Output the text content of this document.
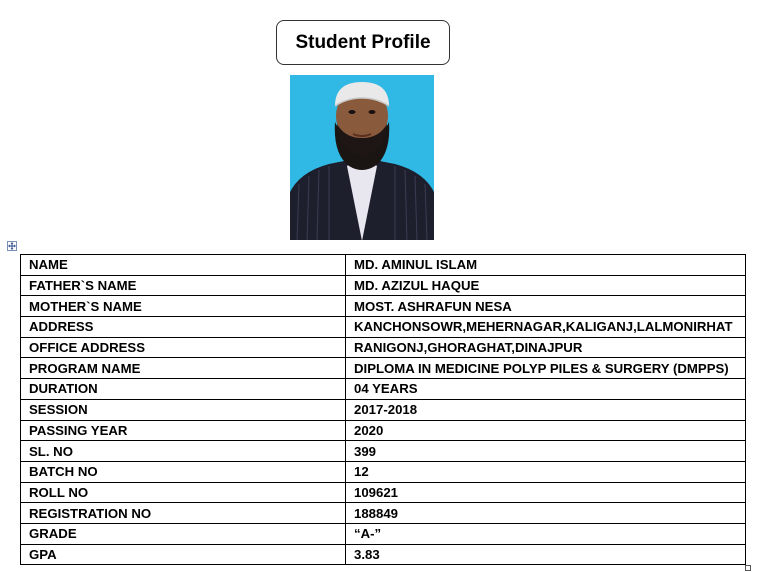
Student Profile
NAME	MD. AMINUL ISLAM
FATHER`S NAME	MD. AZIZUL HAQUE
MOTHER`S NAME	MOST. ASHRAFUN NESA
ADDRESS	KANCHONSOWR,MEHERNAGAR,KALIGANJ,LALMONIRHAT
OFFICE ADDRESS	RANIGONJ,GHORAGHAT,DINAJPUR
PROGRAM NAME	DIPLOMA IN MEDICINE POLYP PILES & SURGERY (DMPPS)
DURATION	04 YEARS
SESSION	2017-2018
PASSING YEAR	2020
SL. NO	399
BATCH NO	12
ROLL NO	109621
REGISTRATION NO	188849
GRADE	“A-”
GPA	3.83
